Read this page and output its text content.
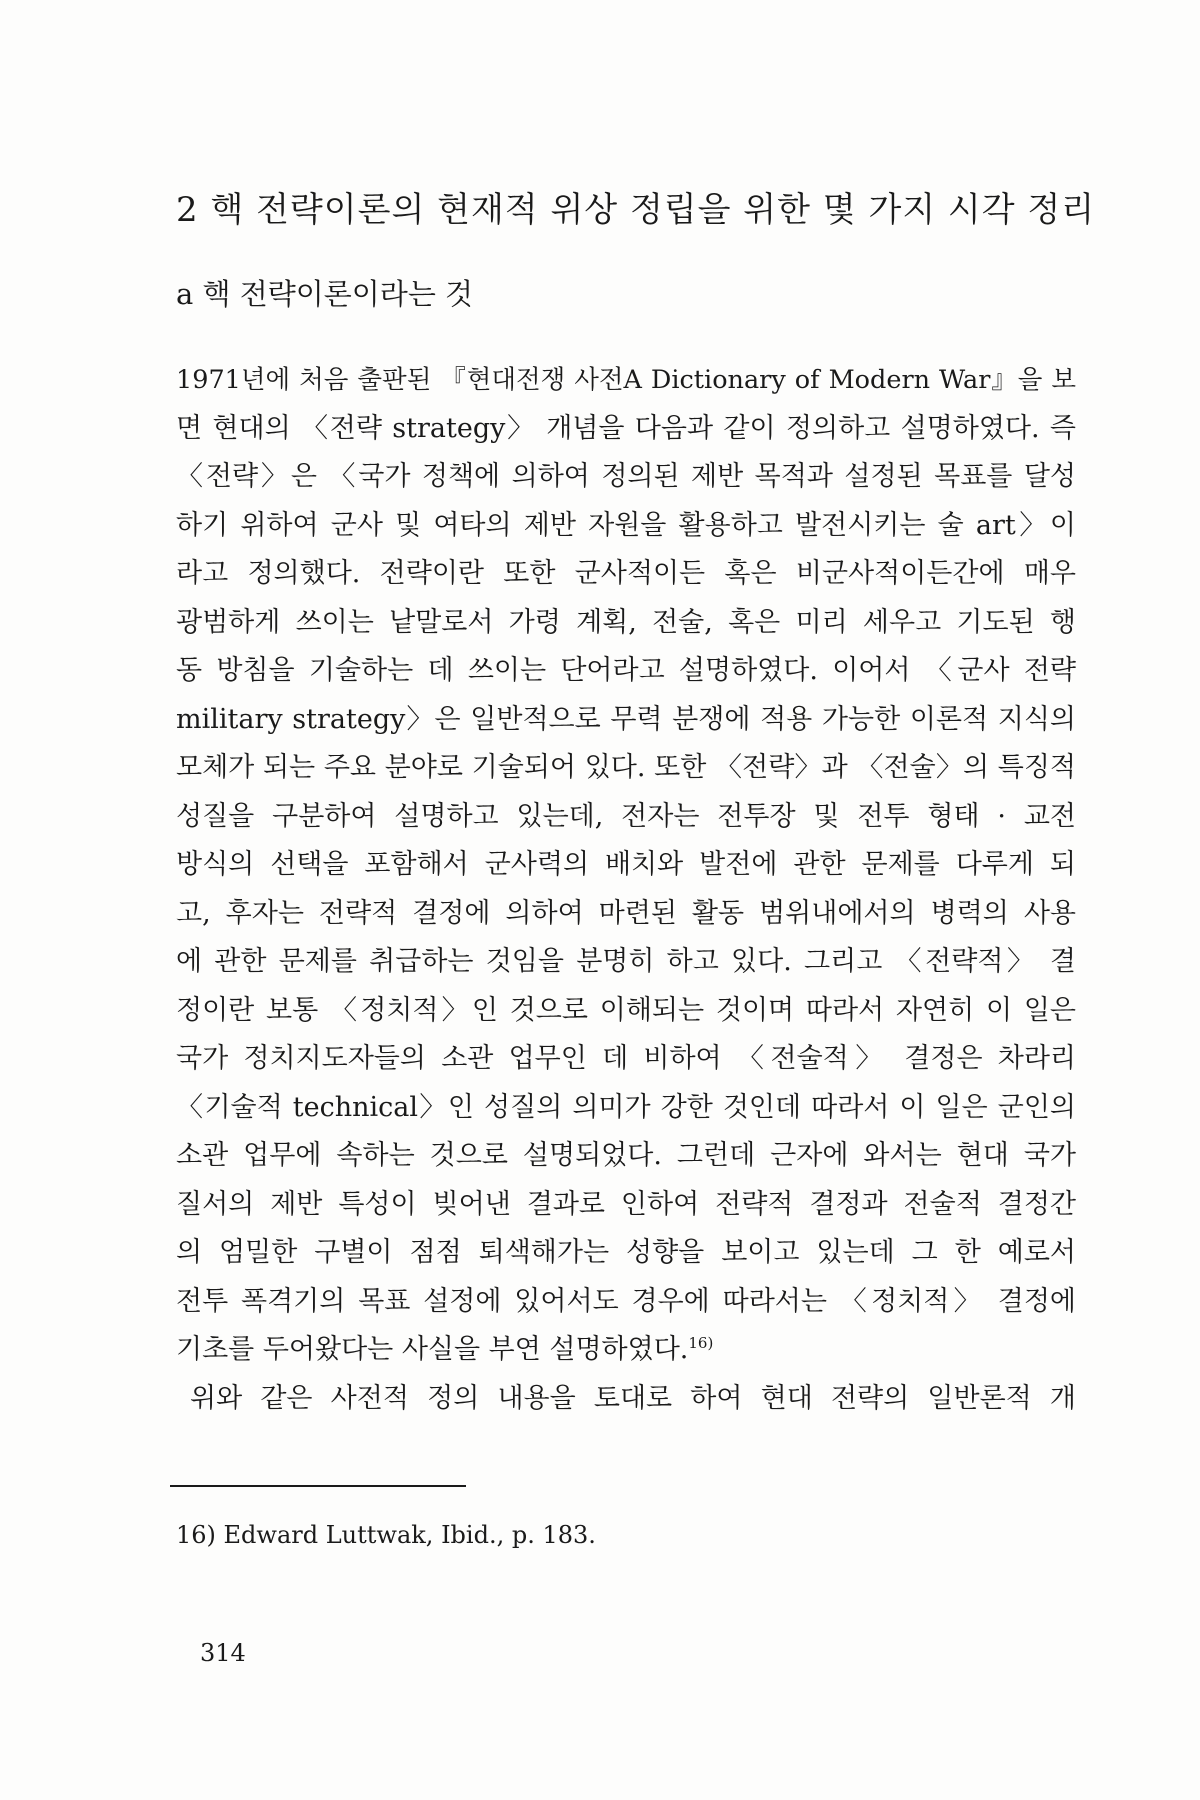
2 핵 전략이론의 현재적 위상 정립을 위한 몇 가지 시각 정리
a 핵 전략이론이라는 것
1971년에 처음 출판된 『현대전쟁 사전A Dictionary of Modern War』을 보
면 현대의 〈전략 strategy〉 개념을 다음과 같이 정의하고 설명하였다. 즉
〈전략〉은 〈국가 정책에 의하여 정의된 제반 목적과 설정된 목표를 달성
하기 위하여 군사 및 여타의 제반 자원을 활용하고 발전시키는 술 art〉이
라고 정의했다. 전략이란 또한 군사적이든 혹은 비군사적이든간에 매우
광범하게 쓰이는 낱말로서 가령 계획, 전술, 혹은 미리 세우고 기도된 행
동 방침을 기술하는 데 쓰이는 단어라고 설명하였다. 이어서 〈군사 전략
military strategy〉은 일반적으로 무력 분쟁에 적용 가능한 이론적 지식의
모체가 되는 주요 분야로 기술되어 있다. 또한 〈전략〉과 〈전술〉의 특징적
성질을 구분하여 설명하고 있는데, 전자는 전투장 및 전투 형태 · 교전
방식의 선택을 포함해서 군사력의 배치와 발전에 관한 문제를 다루게 되
고, 후자는 전략적 결정에 의하여 마련된 활동 범위내에서의 병력의 사용
에 관한 문제를 취급하는 것임을 분명히 하고 있다. 그리고 〈전략적〉 결
정이란 보통 〈정치적〉인 것으로 이해되는 것이며 따라서 자연히 이 일은
국가 정치지도자들의 소관 업무인 데 비하여 〈전술적〉 결정은 차라리
〈기술적 technical〉인 성질의 의미가 강한 것인데 따라서 이 일은 군인의
소관 업무에 속하는 것으로 설명되었다. 그런데 근자에 와서는 현대 국가
질서의 제반 특성이 빚어낸 결과로 인하여 전략적 결정과 전술적 결정간
의 엄밀한 구별이 점점 퇴색해가는 성향을 보이고 있는데 그 한 예로서
전투 폭격기의 목표 설정에 있어서도 경우에 따라서는 〈정치적〉 결정에
기초를 두어왔다는 사실을 부연 설명하였다.$^{16)}$
위와 같은 사전적 정의 내용을 토대로 하여 현대 전략의 일반론적 개
16) Edward Luttwak, Ibid., p. 183.
314
